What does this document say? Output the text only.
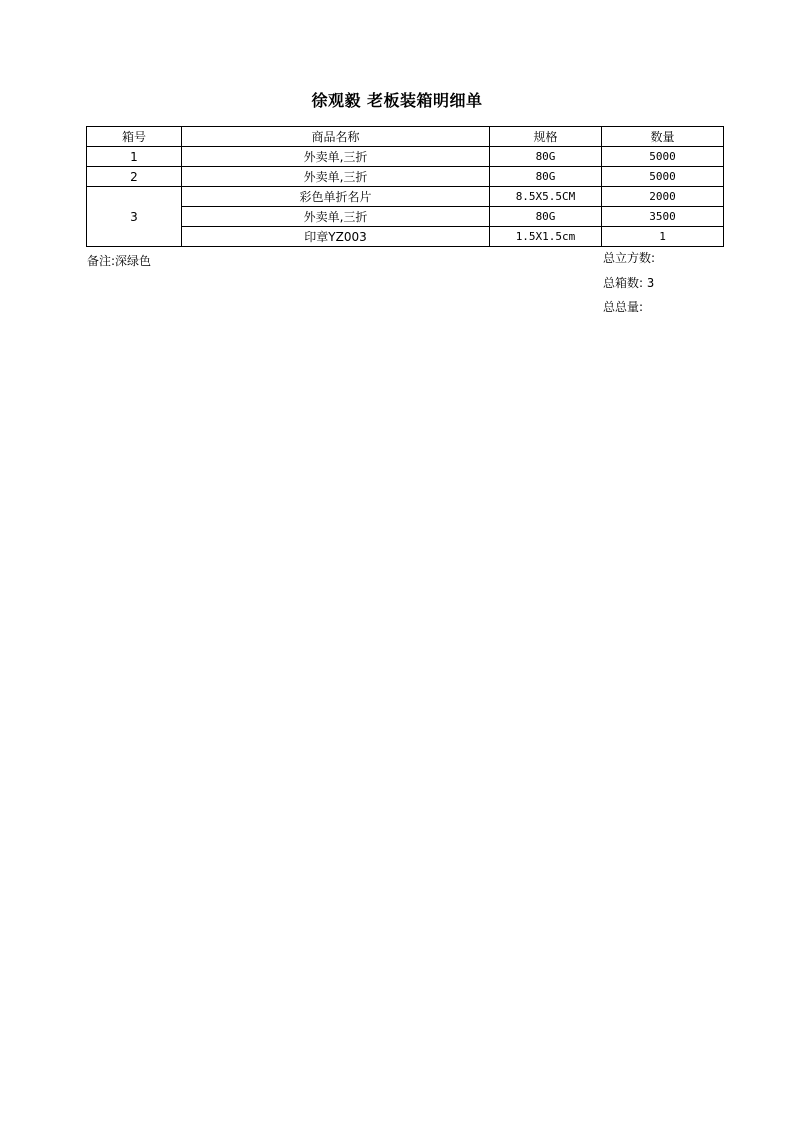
徐观毅 老板装箱明细单
箱号	商品名称	规格	数量
1	外卖单,三折	80G	5000
2	外卖单,三折	80G	5000
3	彩色单折名片	8.5X5.5CM	2000
	外卖单,三折	80G	3500
	印章YZ003	1.5X1.5cm	1
备注:深绿色	总立方数:
总箱数: 3
总总量:
